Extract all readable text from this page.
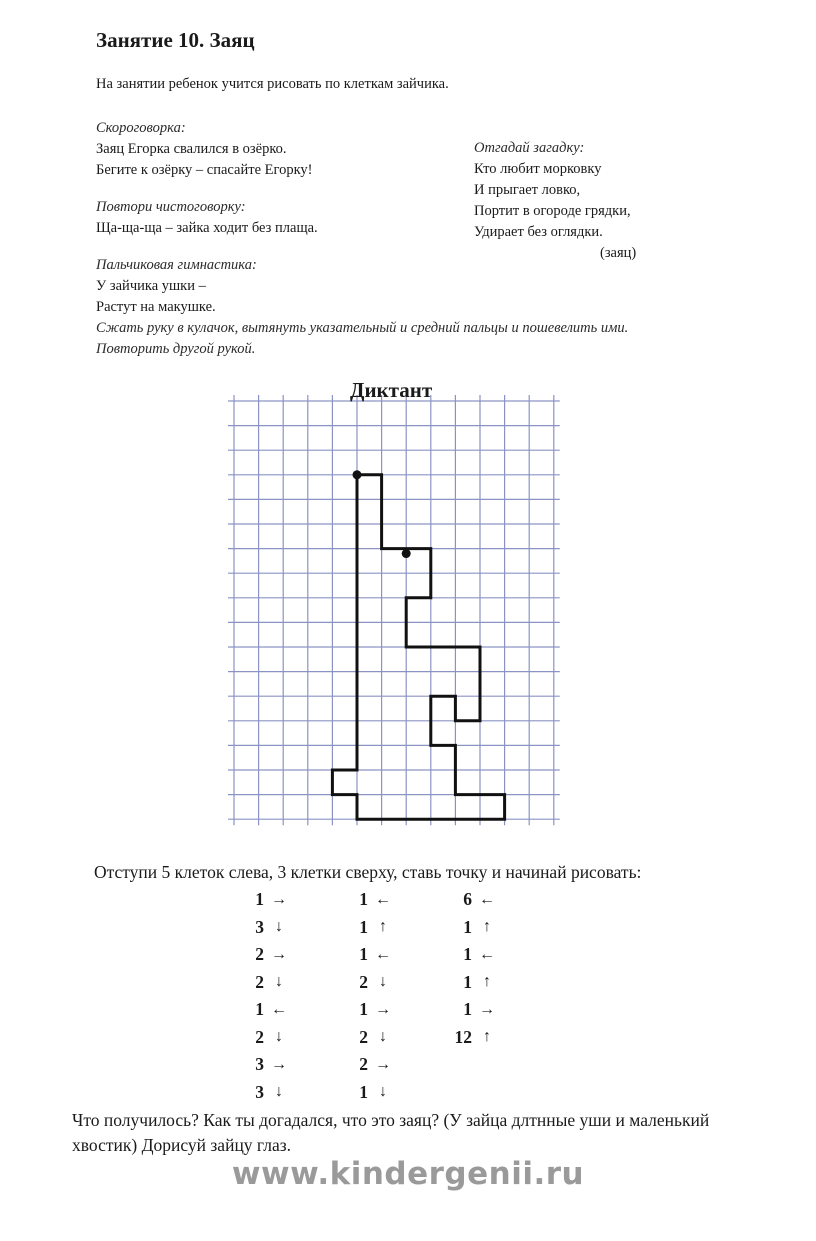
Занятие 10. Заяц
На занятии ребенок учится рисовать по клеткам зайчика.
Скороговорка:
Заяц Егорка свалился в озёрко.
Бегите к озёрку – спасайте Егорку!
Повтори чистоговорку:
Ща-ща-ща – зайка ходит без плаща.
Пальчиковая гимнастика:
У зайчика ушки –
Растут на макушке.
Сжать руку в кулачок, вытянуть указательный и средний пальцы и пошевелить ими.
Повторить другой рукой.
Отгадай загадку:
Кто любит морковку
И прыгает ловко,
Портит в огороде грядки,
Удирает без оглядки.
(заяц)
Диктант
Отступи 5 клеток слева, 3 клетки сверху, ставь точку и начинай рисовать:
1 →
3 ↓
2 →
2 ↓
1 ←
2 ↓
3 →
3 ↓
1 ←
1 ↑
1 ←
2 ↓
1 →
2 ↓
2 →
1 ↓
6 ←
1 ↑
1 ←
1 ↑
1 →
12 ↑
Что получилось? Как ты догадался, что это заяц? (У зайца длтнные уши и маленький хвостик) Дорисуй зайцу глаз.
www.kindergenii.ru
